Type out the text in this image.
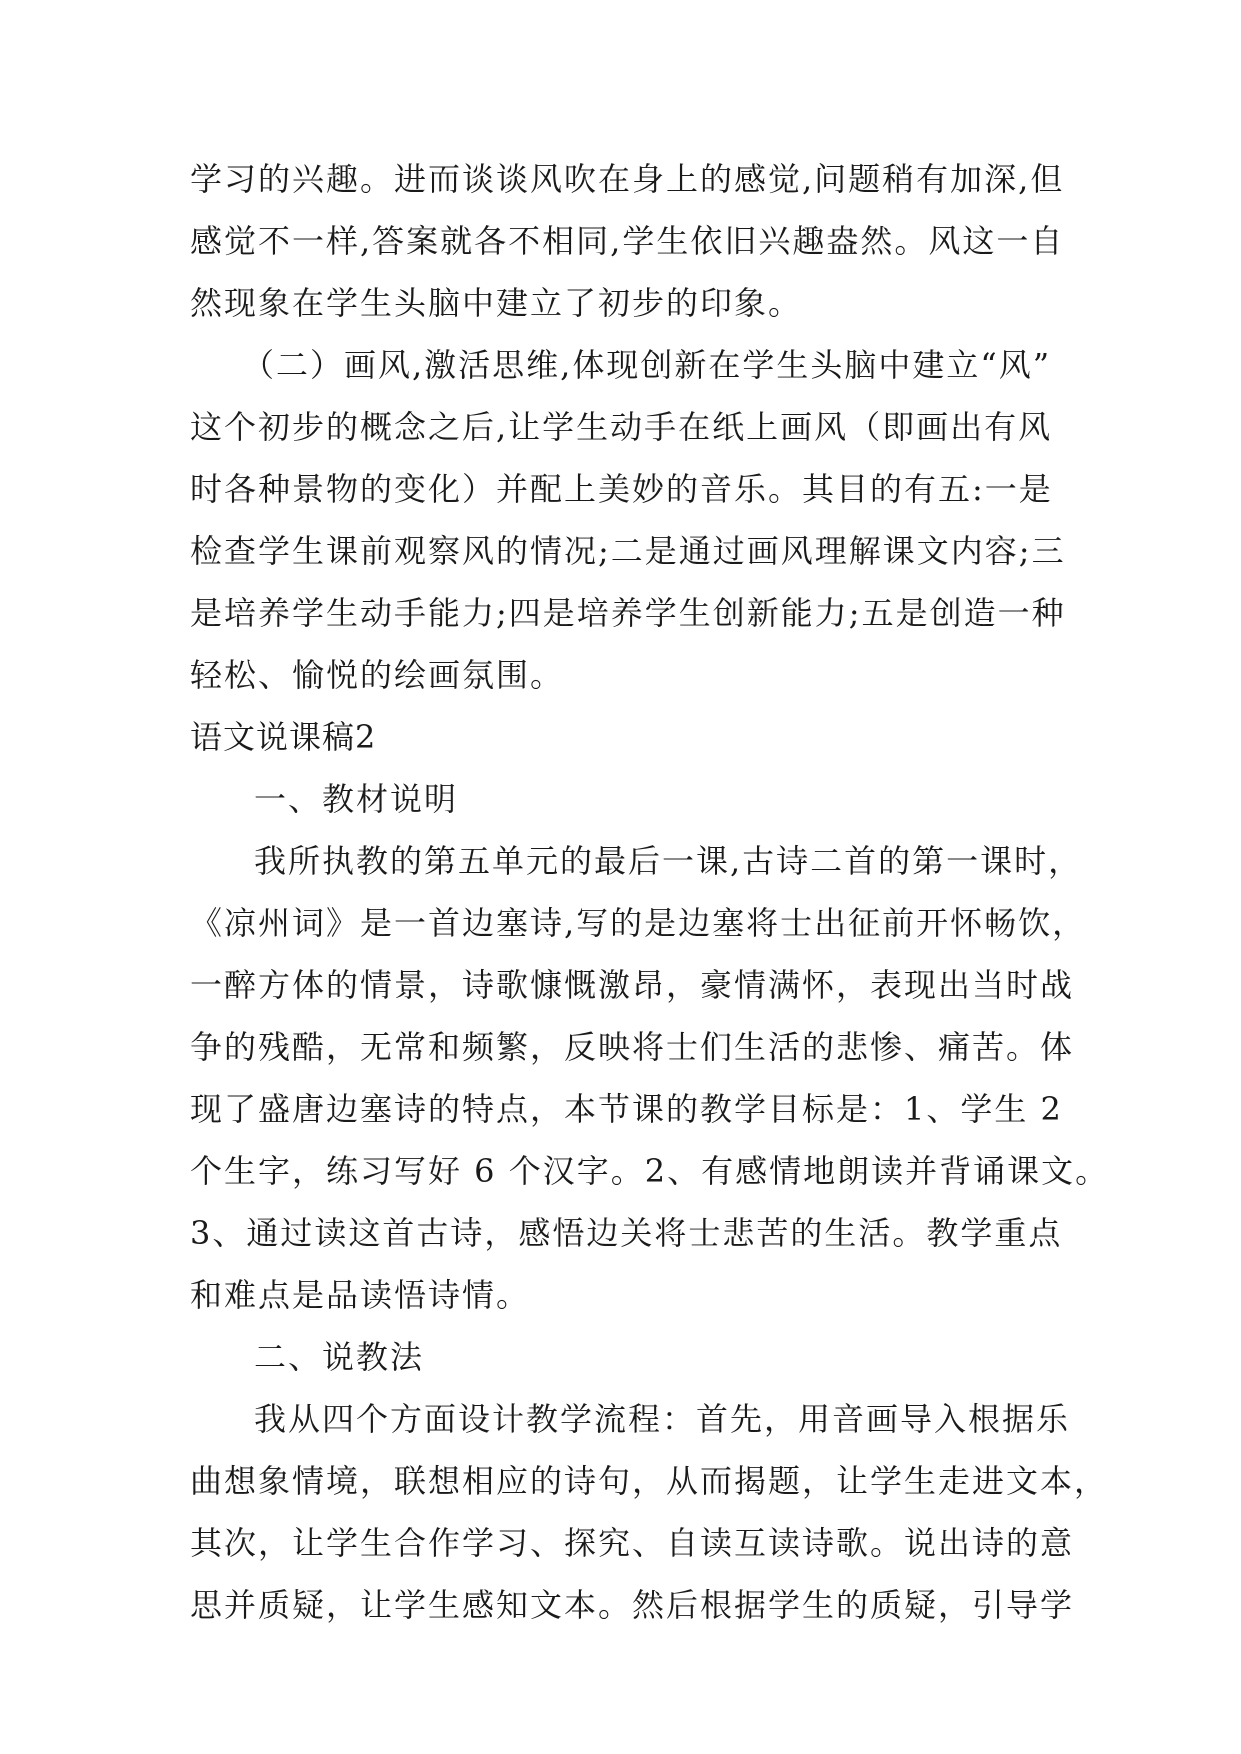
学习的兴趣。进而谈谈风吹在身上的感觉,问题稍有加深,但
感觉不一样,答案就各不相同,学生依旧兴趣盎然。风这一自
然现象在学生头脑中建立了初步的印象。
（二）画风,激活思维,体现创新在学生头脑中建立“风”
这个初步的概念之后,让学生动手在纸上画风（即画出有风
时各种景物的变化）并配上美妙的音乐。其目的有五:一是
检查学生课前观察风的情况;二是通过画风理解课文内容;三
是培养学生动手能力;四是培养学生创新能力;五是创造一种
轻松、愉悦的绘画氛围。
语文说课稿2
一、教材说明
我所执教的第五单元的最后一课,古诗二首的第一课时，
《凉州词》是一首边塞诗,写的是边塞将士出征前开怀畅饮，
一醉方体的情景，诗歌慷慨激昂，豪情满怀，表现出当时战
争的残酷，无常和频繁，反映将士们生活的悲惨、痛苦。体
现了盛唐边塞诗的特点，本节课的教学目标是：1、学生 2
个生字，练习写好 6 个汉字。2、有感情地朗读并背诵课文。
3、通过读这首古诗，感悟边关将士悲苦的生活。教学重点
和难点是品读悟诗情。
二、说教法
我从四个方面设计教学流程：首先，用音画导入根据乐
曲想象情境，联想相应的诗句，从而揭题，让学生走进文本，
其次，让学生合作学习、探究、自读互读诗歌。说出诗的意
思并质疑，让学生感知文本。然后根据学生的质疑，引导学
